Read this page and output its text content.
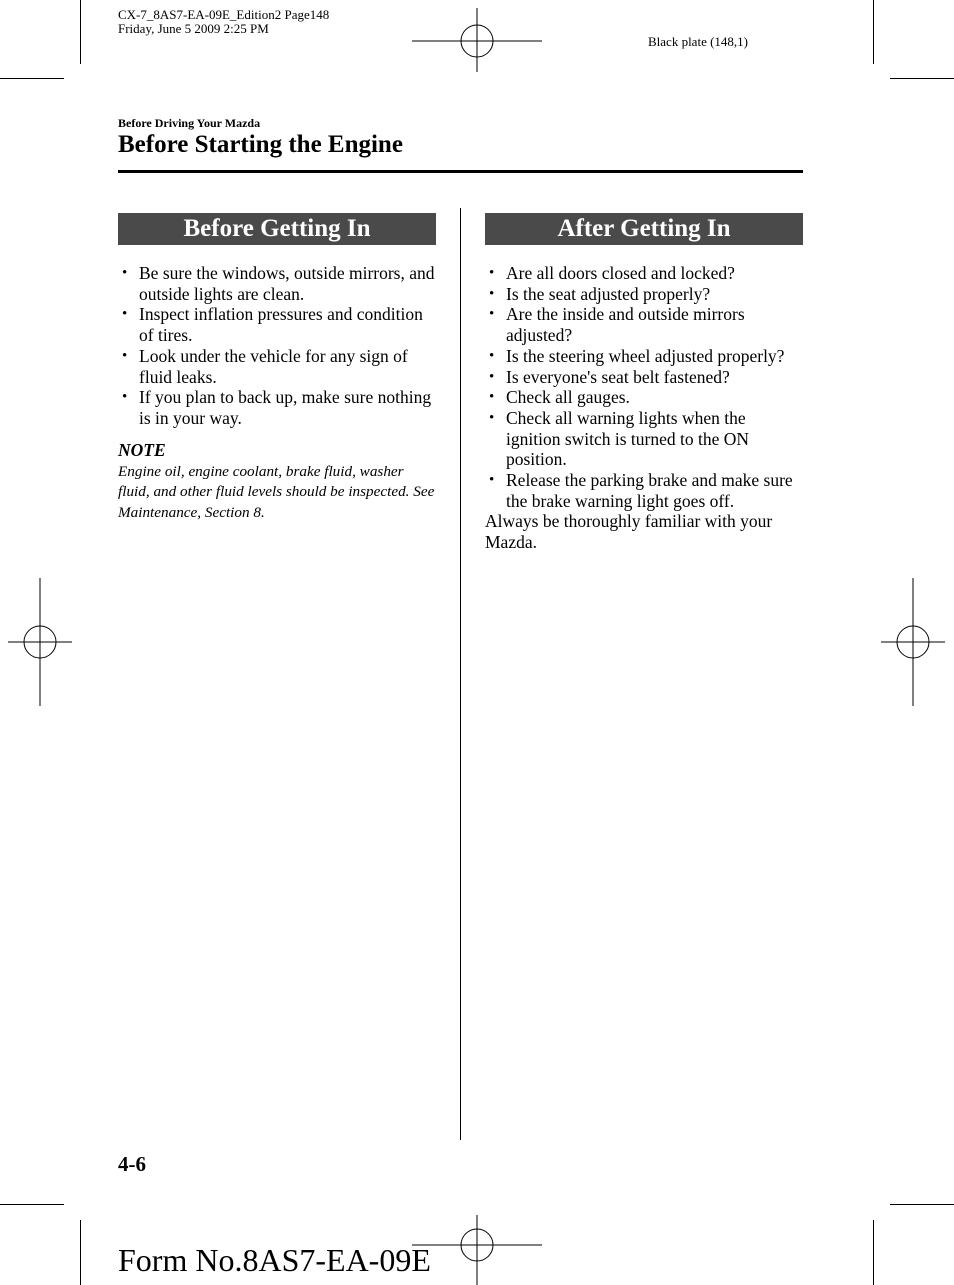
CX-7_8AS7-EA-09E_Edition2 Page148
Friday, June 5 2009 2:25 PM
Black plate (148,1)
Before Driving Your Mazda
Before Starting the Engine
Before Getting In
• Be sure the windows, outside mirrors, and outside lights are clean.
• Inspect inflation pressures and condition of tires.
• Look under the vehicle for any sign of fluid leaks.
• If you plan to back up, make sure nothing is in your way.
NOTE
Engine oil, engine coolant, brake fluid, washer fluid, and other fluid levels should be inspected. See Maintenance, Section 8.
After Getting In
• Are all doors closed and locked?
• Is the seat adjusted properly?
• Are the inside and outside mirrors adjusted?
• Is the steering wheel adjusted properly?
• Is everyone's seat belt fastened?
• Check all gauges.
• Check all warning lights when the ignition switch is turned to the ON position.
• Release the parking brake and make sure the brake warning light goes off.
Always be thoroughly familiar with your Mazda.
4-6
Form No.8AS7-EA-09E
